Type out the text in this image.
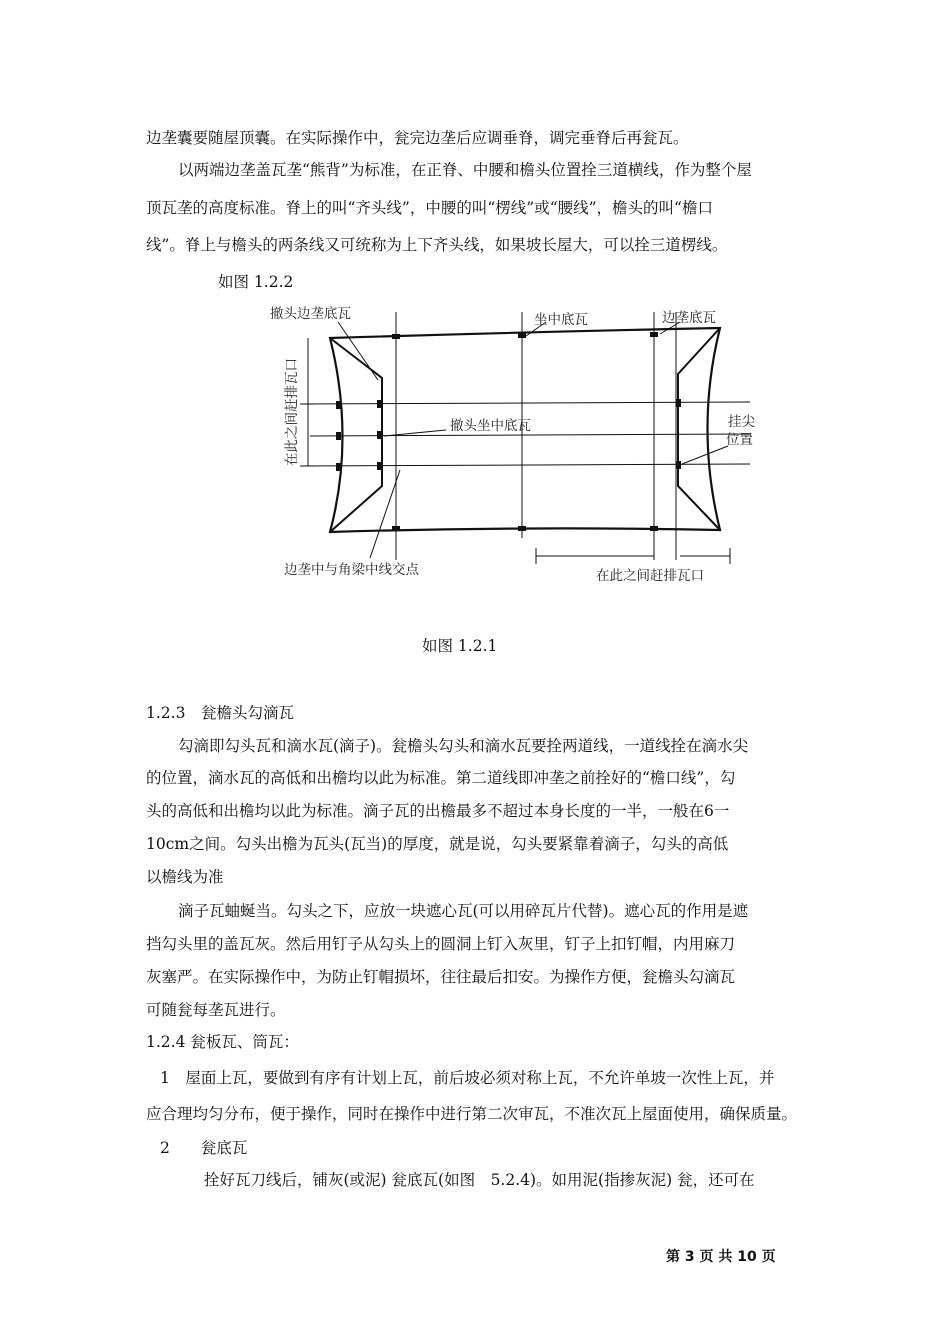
边垄囊要随屋顶囊。在实际操作中，瓮完边垄后应调垂脊，调完垂脊后再瓮瓦。
以两端边垄盖瓦垄“熊背”为标准，在正脊、中腰和檐头位置拴三道横线，作为整个屋
顶瓦垄的高度标准。脊上的叫“齐头线”，中腰的叫“楞线”或“腰线”，檐头的叫“檐口
线”。脊上与檐头的两条线又可统称为上下齐头线，如果坡长屋大，可以拴三道楞线。
如图 1.2.2
撤头边垄底瓦	坐中底瓦	边垄底瓦
在此之间赶排瓦口	撤头坐中底瓦	挂尖
位置
边垄中与角梁中线交点	在此之间赶排瓦口
如图 1.2.1
1.2.3　瓮檐头勾滴瓦
勾滴即勾头瓦和滴水瓦(滴子)。瓮檐头勾头和滴水瓦要拴两道线，一道线拴在滴水尖
的位置，滴水瓦的高低和出檐均以此为标准。第二道线即冲垄之前拴好的“檐口线”，勾
头的高低和出檐均以此为标准。滴子瓦的出檐最多不超过本身长度的一半，一般在6一
10cm之间。勾头出檐为瓦头(瓦当)的厚度，就是说，勾头要紧靠着滴子，勾头的高低
以檐线为准
滴子瓦蚰蜒当。勾头之下，应放一块遮心瓦(可以用碎瓦片代替)。遮心瓦的作用是遮
挡勾头里的盖瓦灰。然后用钉子从勾头上的圆洞上钉入灰里，钉子上扣钉帽，内用麻刀
灰塞严。在实际操作中，为防止钉帽损坏，往往最后扣安。为操作方便，瓮檐头勾滴瓦
可随瓮每垄瓦进行。
1.2.4 瓮板瓦、筒瓦：
1　屋面上瓦，要做到有序有计划上瓦，前后坡必须对称上瓦，不允许单坡一次性上瓦，并
应合理均匀分布，便于操作，同时在操作中进行第二次审瓦，不准次瓦上屋面使用，确保质量。
2　　瓮底瓦
拴好瓦刀线后，铺灰(或泥) 瓮底瓦(如图　5.2.4)。如用泥(指掺灰泥) 瓮，还可在
第 3 页 共 10 页
